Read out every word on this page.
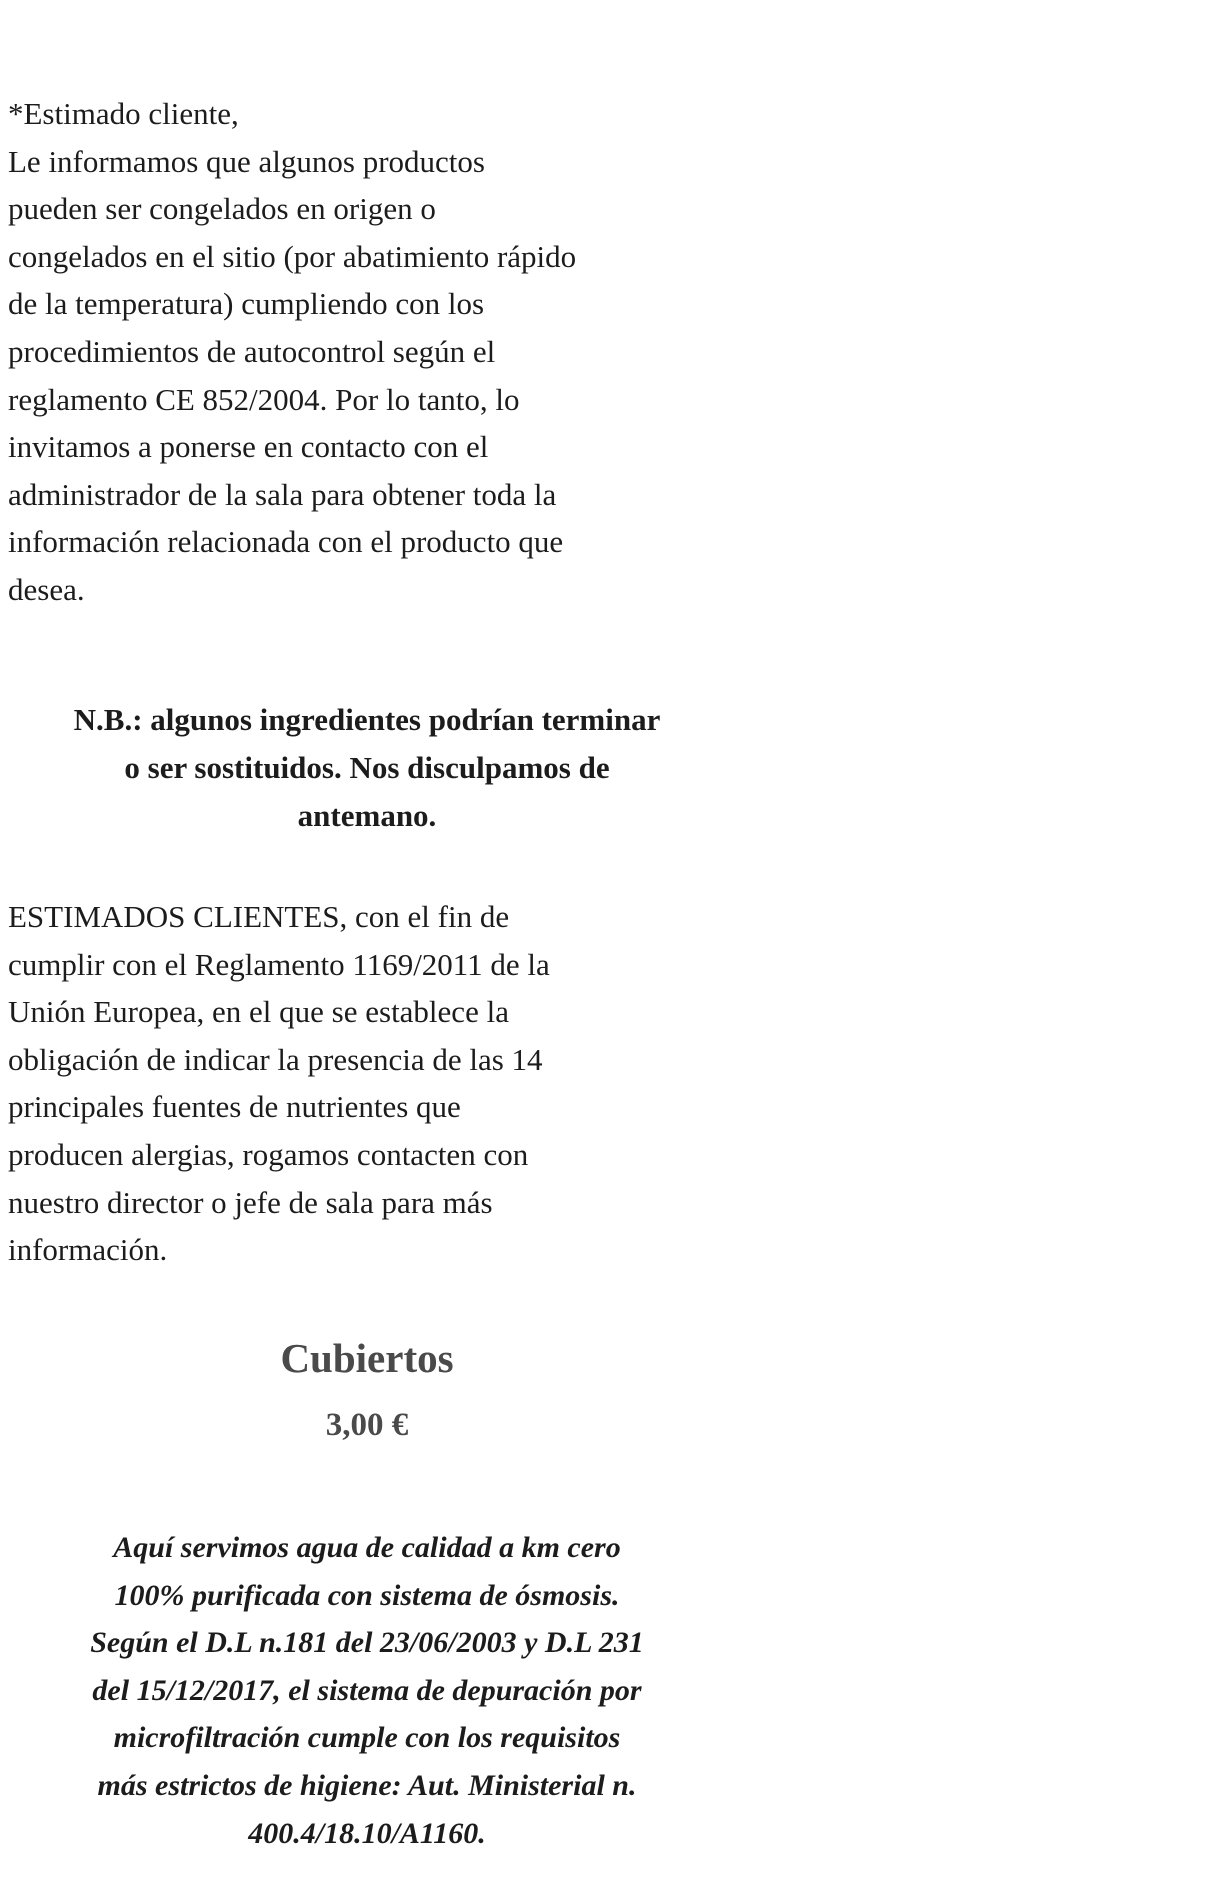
*Estimado cliente,
Le informamos que algunos productos
pueden ser congelados en origen o
congelados en el sitio (por abatimiento rápido
de la temperatura) cumpliendo con los
procedimientos de autocontrol según el
reglamento CE 852/2004. Por lo tanto, lo
invitamos a ponerse en contacto con el
administrador de la sala para obtener toda la
información relacionada con el producto que
desea.
N.B.: algunos ingredientes podrían terminar
o ser sostituidos. Nos disculpamos de
antemano.
ESTIMADOS CLIENTES, con el fin de
cumplir con el Reglamento 1169/2011 de la
Unión Europea, en el que se establece la
obligación de indicar la presencia de las 14
principales fuentes de nutrientes que
producen alergias, rogamos contacten con
nuestro director o jefe de sala para más
información.
Cubiertos
3,00 €
Aquí servimos agua de calidad a km cero
100% purificada con sistema de ósmosis.
Según el D.L n.181 del 23/06/2003 y D.L 231
del 15/12/2017, el sistema de depuración por
microfiltración cumple con los requisitos
más estrictos de higiene: Aut. Ministerial n.
400.4/18.10/A1160.
